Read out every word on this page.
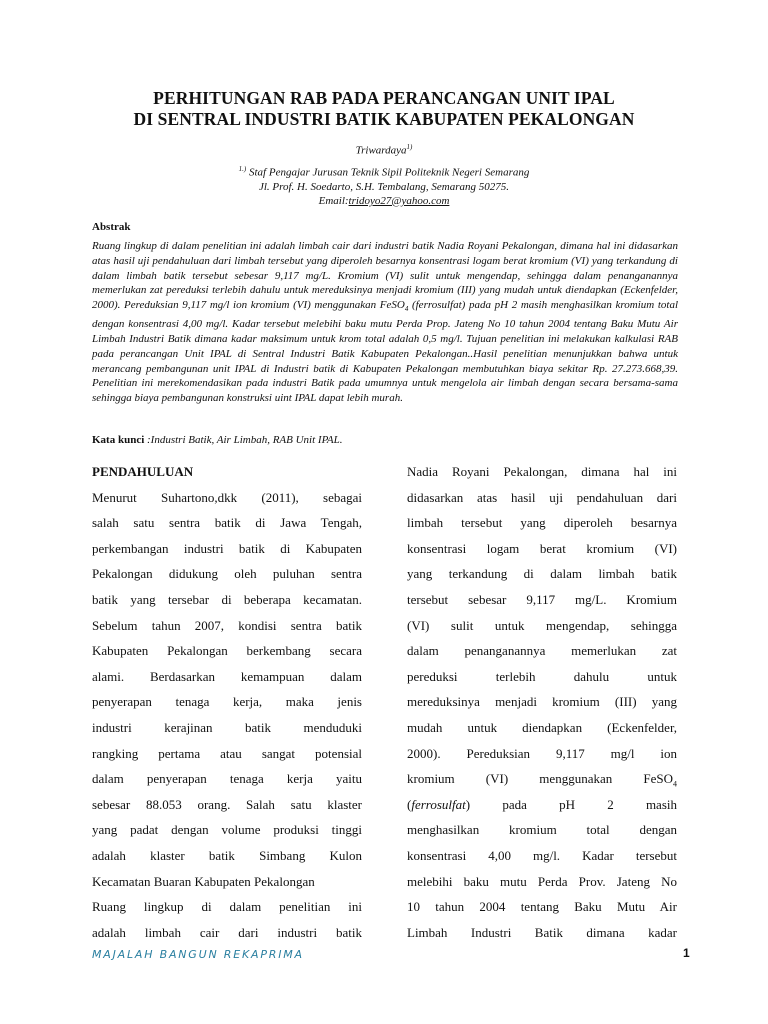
PERHITUNGAN RAB PADA PERANCANGAN UNIT IPAL
DI SENTRAL INDUSTRI BATIK KABUPATEN PEKALONGAN
Triwardaya$^{1)}$
$^{1.)}$ Staf Pengajar Jurusan Teknik Sipil Politeknik Negeri Semarang
Jl. Prof. H. Soedarto, S.H. Tembalang, Semarang 50275.
Email:tridoyo27@yahoo.com
Abstrak
Ruang lingkup di dalam penelitian ini adalah limbah cair dari industri batik Nadia Royani Pekalongan, dimana hal ini didasarkan atas hasil uji pendahuluan dari limbah tersebut yang diperoleh besarnya konsentrasi logam berat kromium (VI) yang terkandung di dalam limbah batik tersebut sebesar 9,117 mg/L. Kromium (VI) sulit untuk mengendap, sehingga dalam penanganannya memerlukan zat pereduksi terlebih dahulu untuk mereduksinya menjadi kromium (III) yang mudah untuk diendapkan (Eckenfelder, 2000). Pereduksian 9,117 mg/l ion kromium (VI) menggunakan FeSO$_4$ (ferrosulfat) pada pH 2 masih menghasilkan kromium total dengan konsentrasi 4,00 mg/l. Kadar tersebut melebihi baku mutu Perda Prop. Jateng No 10 tahun 2004 tentang Baku Mutu Air Limbah Industri Batik dimana kadar maksimum untuk krom total adalah 0,5 mg/l. Tujuan penelitian ini melakukan kalkulasi RAB pada perancangan Unit IPAL di Sentral Industri Batik Kabupaten Pekalongan..Hasil penelitian menunjukkan bahwa untuk merancang pembangunan unit IPAL di Industri batik di Kabupaten Pekalongan membutuhkan biaya sekitar Rp. 27.273.668,39. Penelitian ini merekomendasikan pada industri Batik pada umumnya untuk mengelola air limbah dengan secara bersama-sama sehingga biaya pembangunan konstruksi uint IPAL dapat lebih murah.
Kata kunci :Industri Batik, Air Limbah, RAB Unit IPAL.

PENDAHULUAN

Menurut Suhartono,dkk (2011), sebagai

salah satu sentra batik di Jawa Tengah,

perkembangan industri batik di Kabupaten

Pekalongan didukung oleh puluhan sentra

batik yang tersebar di beberapa kecamatan.

Sebelum tahun 2007, kondisi sentra batik

Kabupaten Pekalongan berkembang secara

alami. Berdasarkan kemampuan dalam

penyerapan tenaga kerja, maka jenis

industri kerajinan batik menduduki

rangking pertama atau sangat potensial

dalam penyerapan tenaga kerja yaitu

sebesar 88.053 orang. Salah satu klaster

yang padat dengan volume produksi tinggi

adalah klaster batik Simbang Kulon

Kecamatan Buaran Kabupaten Pekalongan

Ruang lingkup di dalam penelitian ini

adalah limbah cair dari industri batik

Nadia Royani Pekalongan, dimana hal ini

didasarkan atas hasil uji pendahuluan dari

limbah tersebut yang diperoleh besarnya

konsentrasi logam berat kromium (VI)

yang terkandung di dalam limbah batik

tersebut sebesar 9,117 mg/L. Kromium

(VI) sulit untuk mengendap, sehingga

dalam penanganannya memerlukan zat

pereduksi terlebih dahulu untuk

mereduksinya menjadi kromium (III) yang

mudah untuk diendapkan (Eckenfelder,

2000). Pereduksian 9,117 mg/l ion

kromium (VI) menggunakan FeSO$_4$

(ferrosulfat) pada pH 2 masih

menghasilkan kromium total dengan

konsentrasi 4,00 mg/l. Kadar tersebut

melebihi baku mutu Perda Prov. Jateng No

10 tahun 2004 tentang Baku Mutu Air

Limbah Industri Batik dimana kadar

MAJALAH BANGUN REKAPRIMA	1
